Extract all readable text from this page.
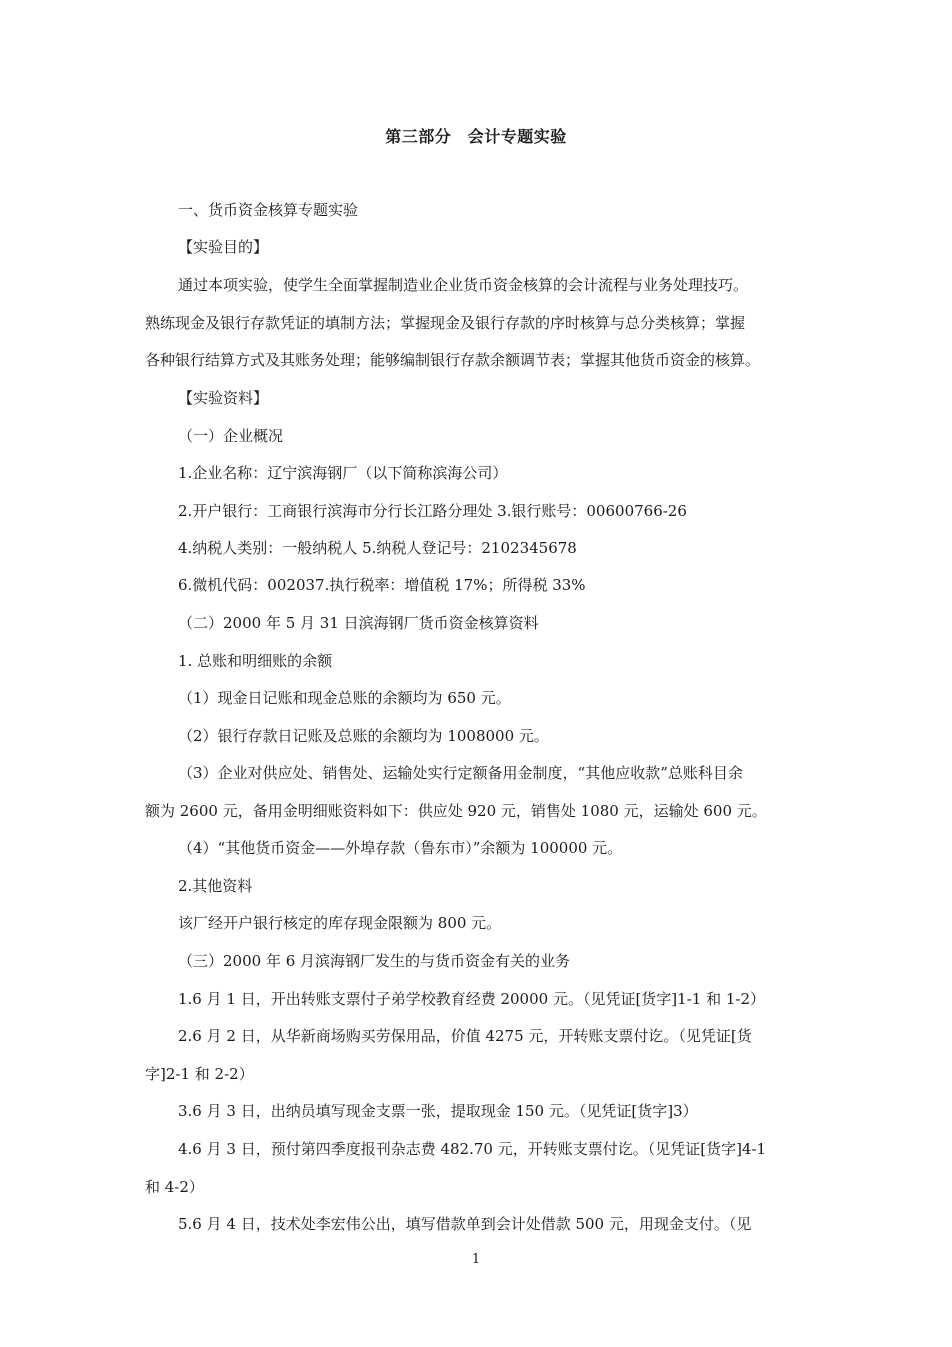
第三部分　会计专题实验
一、货币资金核算专题实验
【实验目的】
通过本项实验，使学生全面掌握制造业企业货币资金核算的会计流程与业务处理技巧。
熟练现金及银行存款凭证的填制方法；掌握现金及银行存款的序时核算与总分类核算；掌握
各种银行结算方式及其账务处理；能够编制银行存款余额调节表；掌握其他货币资金的核算。
【实验资料】
（一）企业概况
1.企业名称：辽宁滨海钢厂（以下简称滨海公司）
2.开户银行：工商银行滨海市分行长江路分理处 3.银行账号：00600766-26
4.纳税人类别：一般纳税人 5.纳税人登记号：2102345678
6.微机代码：002037.执行税率：增值税 17%；所得税 33%
（二）2000 年 5 月 31 日滨海钢厂货币资金核算资料
1. 总账和明细账的余额
（1）现金日记账和现金总账的余额均为 650 元。
（2）银行存款日记账及总账的余额均为 1008000 元。
（3）企业对供应处、销售处、运输处实行定额备用金制度，“其他应收款”总账科目余
额为 2600 元，备用金明细账资料如下：供应处 920 元，销售处 1080 元，运输处 600 元。
（4）“其他货币资金——外埠存款（鲁东市）”余额为 100000 元。
2.其他资料
该厂经开户银行核定的库存现金限额为 800 元。
（三）2000 年 6 月滨海钢厂发生的与货币资金有关的业务
1.6 月 1 日，开出转账支票付子弟学校教育经费 20000 元。（见凭证[货字]1-1 和 1-2）
2.6 月 2 日，从华新商场购买劳保用品，价值 4275 元，开转账支票付讫。（见凭证[货
字]2-1 和 2-2）
3.6 月 3 日，出纳员填写现金支票一张，提取现金 150 元。（见凭证[货字]3）
4.6 月 3 日，预付第四季度报刊杂志费 482.70 元，开转账支票付讫。（见凭证[货字]4-1
和 4-2）
5.6 月 4 日，技术处李宏伟公出，填写借款单到会计处借款 500 元，用现金支付。（见
1
